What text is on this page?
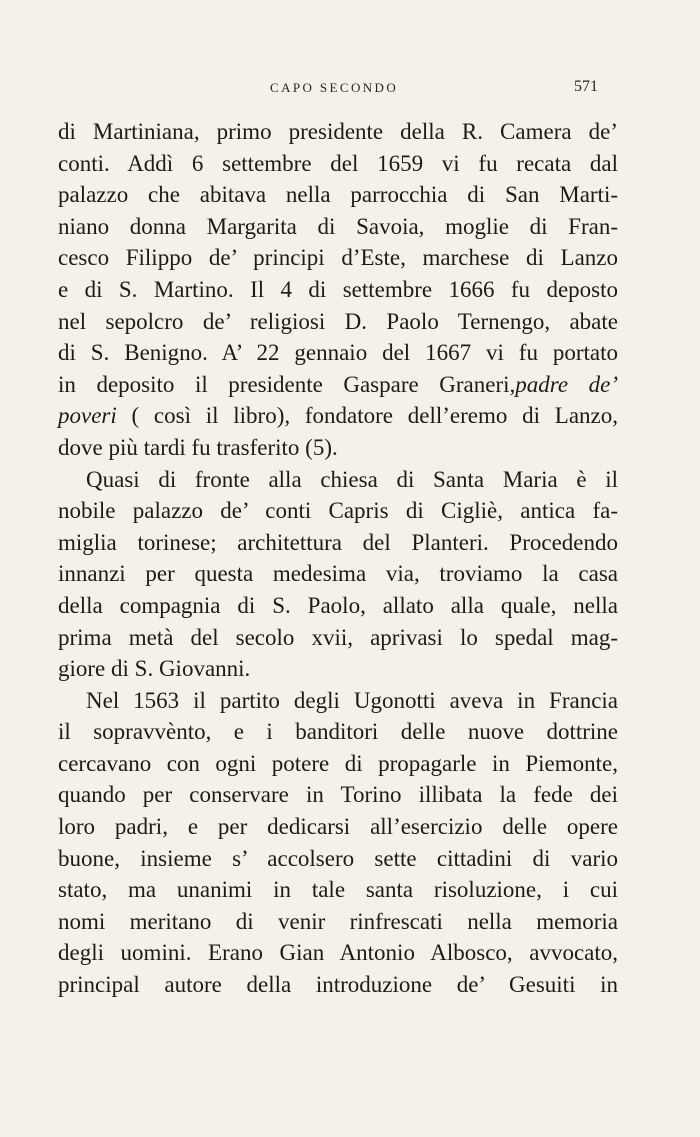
CAPO SECONDO	571
di Martiniana, primo presidente della R. Camera de’
conti. Addì 6 settembre del 1659 vi fu recata dal
palazzo che abitava nella parrocchia di San Marti-
niano donna Margarita di Savoia, moglie di Fran-
cesco Filippo de’ principi d’Este, marchese di Lanzo
e di S. Martino. Il 4 di settembre 1666 fu deposto
nel sepolcro de’ religiosi D. Paolo Ternengo, abate
di S. Benigno. A’ 22 gennaio del 1667 vi fu portato
in deposito il presidente Gaspare Graneri,padre de’
poveri ( così il libro), fondatore dell’eremo di Lanzo,
dove più tardi fu trasferito (5).
Quasi di fronte alla chiesa di Santa Maria è il
nobile palazzo de’ conti Capris di Cigliè, antica fa-
miglia torinese; architettura del Planteri. Procedendo
innanzi per questa medesima via, troviamo la casa
della compagnia di S. Paolo, allato alla quale, nella
prima metà del secolo xvii, aprivasi lo spedal mag-
giore di S. Giovanni.
Nel 1563 il partito degli Ugonotti aveva in Francia
il sopravvènto, e i banditori delle nuove dottrine
cercavano con ogni potere di propagarle in Piemonte,
quando per conservare in Torino illibata la fede dei
loro padri, e per dedicarsi all’esercizio delle opere
buone, insieme s’ accolsero sette cittadini di vario
stato, ma unanimi in tale santa risoluzione, i cui
nomi meritano di venir rinfrescati nella memoria
degli uomini. Erano Gian Antonio Albosco, avvocato,
principal autore della introduzione de’ Gesuiti in
